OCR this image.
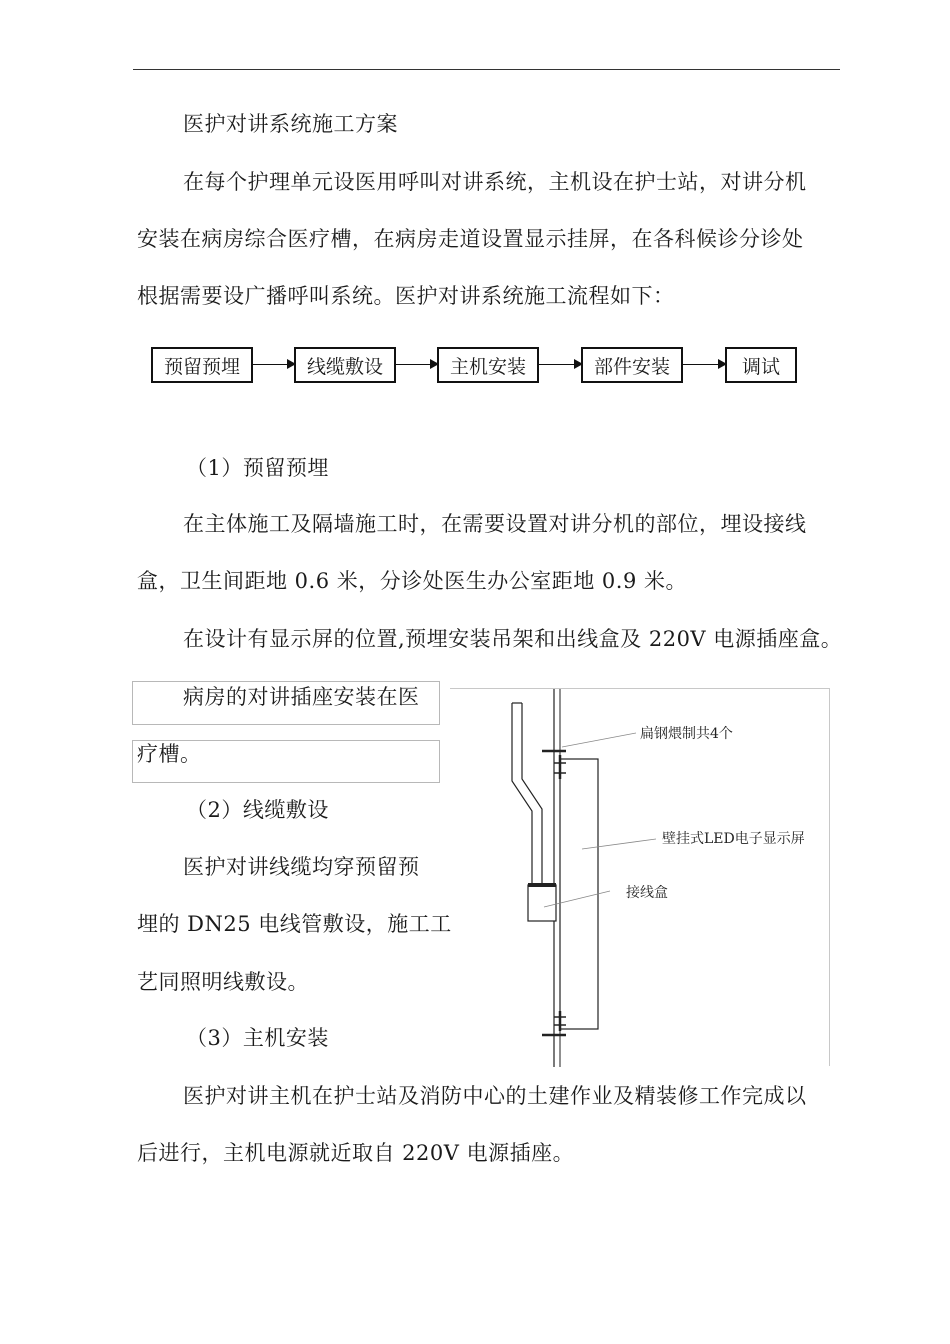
医护对讲系统施工方案
在每个护理单元设医用呼叫对讲系统，主机设在护士站，对讲分机
安装在病房综合医疗槽，在病房走道设置显示挂屏，在各科候诊分诊处
根据需要设广播呼叫系统。医护对讲系统施工流程如下：
预留预埋	线缆敷设	主机安装	部件安装	调试
（1）预留预埋
在主体施工及隔墙施工时，在需要设置对讲分机的部位，埋设接线
盒，卫生间距地 0.6 米，分诊处医生办公室距地 0.9 米。
在设计有显示屏的位置,预埋安装吊架和出线盒及 220V 电源插座盒。
病房的对讲插座安装在医
疗槽。
（2）线缆敷设
医护对讲线缆均穿预留预
埋的 DN25 电线管敷设，施工工
艺同照明线敷设。
（3）主机安装
医护对讲主机在护士站及消防中心的土建作业及精装修工作完成以
后进行，主机电源就近取自 220V 电源插座。
扁钢煨制共4个
壁挂式LED电子显示屏
接线盒
